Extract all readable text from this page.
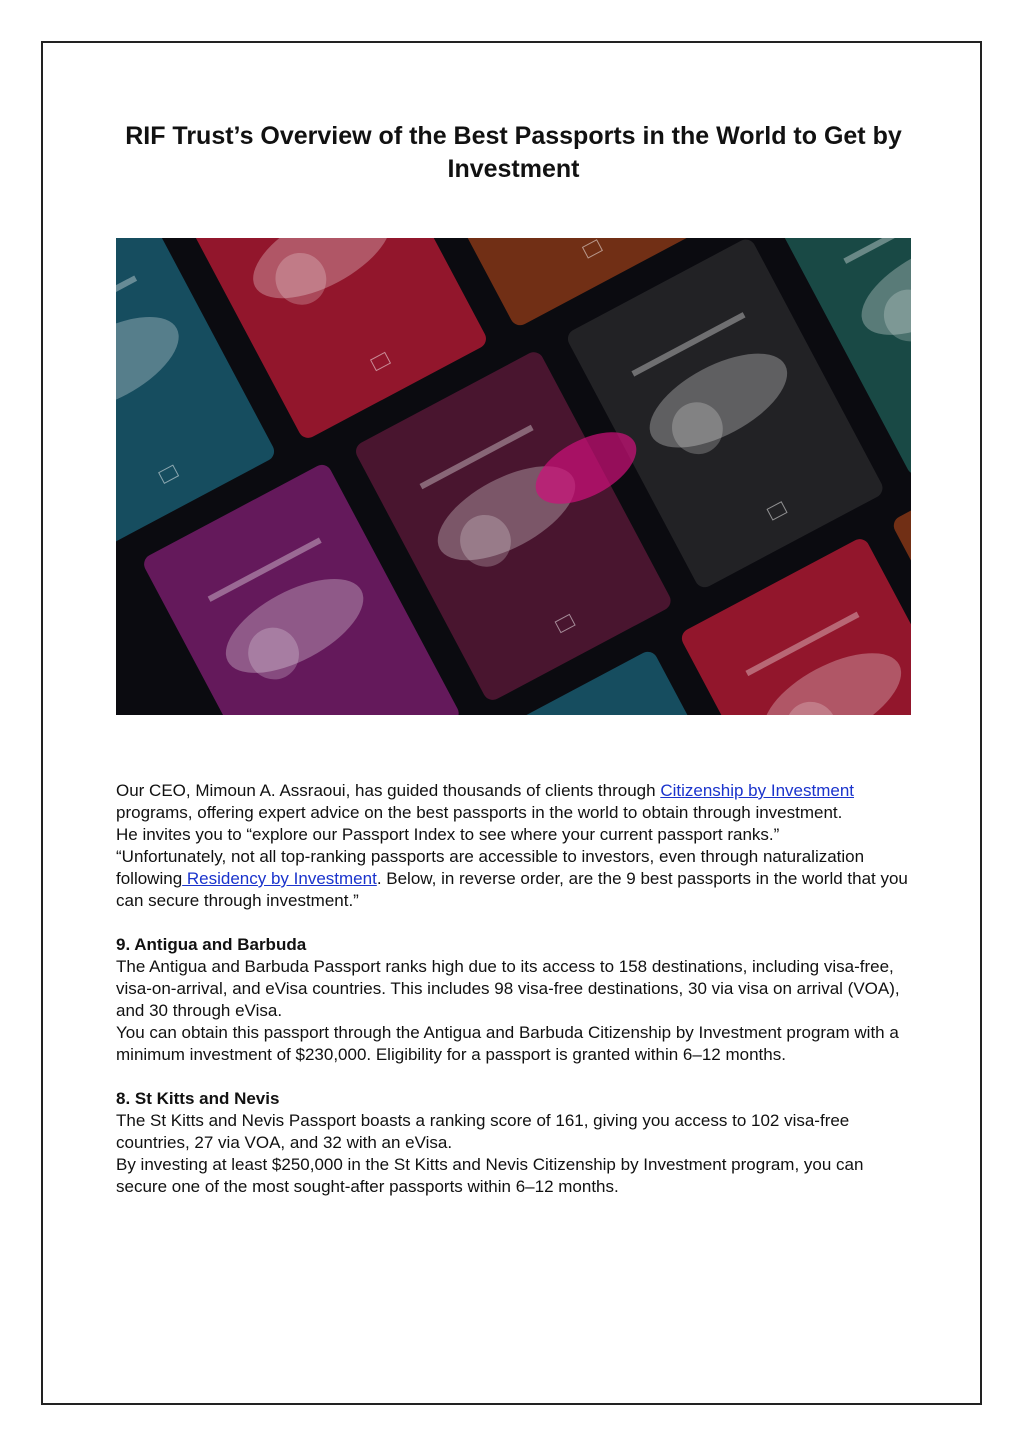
RIF Trust’s Overview of the Best Passports in the World to Get by Investment

Our CEO, Mimoun A. Assraoui, has guided thousands of clients through Citizenship by Investment programs, offering expert advice on the best passports in the world to obtain through investment.

He invites you to “explore our Passport Index to see where your current passport ranks.”

“Unfortunately, not all top-ranking passports are accessible to investors, even through naturalization following Residency by Investment. Below, in reverse order, are the 9 best passports in the world that you can secure through investment.”

9. Antigua and Barbuda

The Antigua and Barbuda Passport ranks high due to its access to 158 destinations, including visa-free, visa-on-arrival, and eVisa countries. This includes 98 visa-free destinations, 30 via visa on arrival (VOA), and 30 through eVisa.

You can obtain this passport through the Antigua and Barbuda Citizenship by Investment program with a minimum investment of $230,000. Eligibility for a passport is granted within 6–12 months.

8. St Kitts and Nevis

The St Kitts and Nevis Passport boasts a ranking score of 161, giving you access to 102 visa-free countries, 27 via VOA, and 32 with an eVisa.

By investing at least $250,000 in the St Kitts and Nevis Citizenship by Investment program, you can secure one of the most sought-after passports within 6–12 months.
